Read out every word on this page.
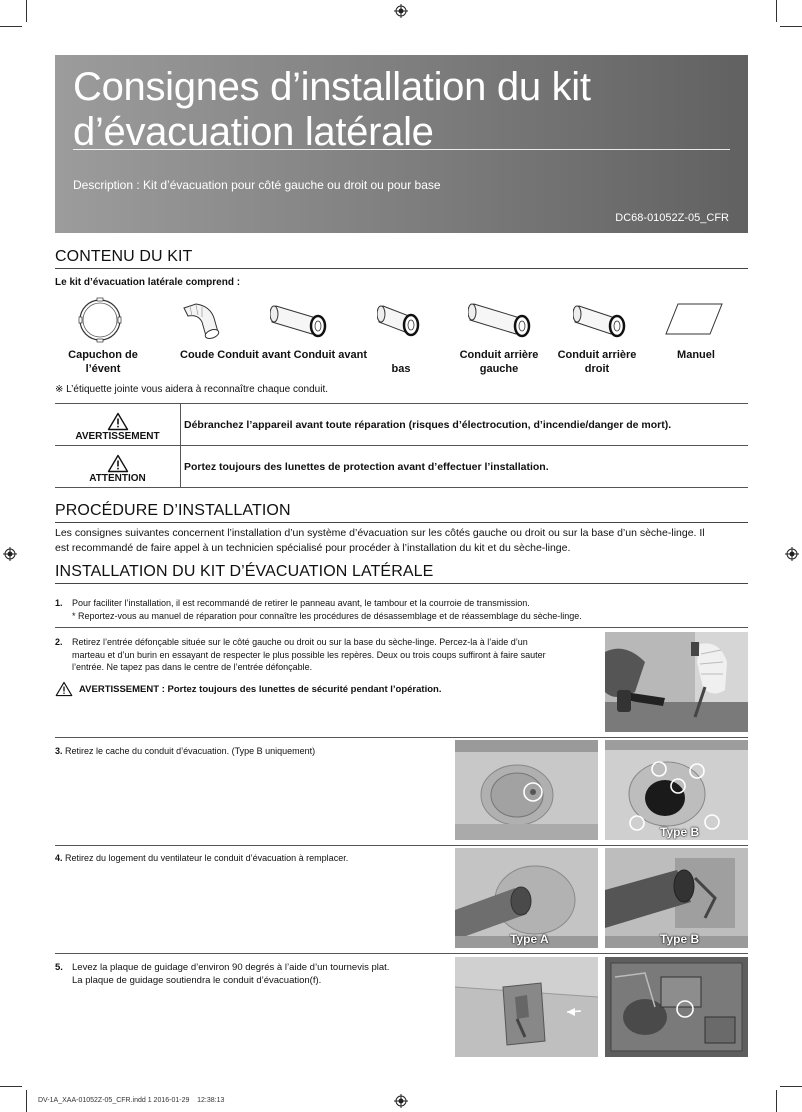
Consignes d’installation du kit
d’évacuation latérale
Description : Kit d’évacuation pour côté gauche ou droit ou pour base
DC68-01052Z-05_CFR
CONTENU DU KIT
Le kit d’évacuation latérale comprend :
Capuchon de
l’évent
Coude Conduit avant Conduit avant
bas
Conduit arrière
gauche
Conduit arrière
droit
Manuel
※ L’étiquette jointe vous aidera à reconnaître chaque conduit.
AVERTISSEMENT
Débranchez l’appareil avant toute réparation (risques d’électrocution, d’incendie/danger de mort).
ATTENTION
Portez toujours des lunettes de protection avant d’effectuer l’installation.
PROCÉDURE D’INSTALLATION
Les consignes suivantes concernent l’installation d’un système d’évacuation sur les côtés gauche ou droit ou sur la base d’un sèche-linge. Il
est recommandé de faire appel à un technicien spécialisé pour procéder à l’installation du kit et du sèche-linge.
INSTALLATION DU KIT D’ÉVACUATION LATÉRALE
1. Pour faciliter l’installation, il est recommandé de retirer le panneau avant, le tambour et la courroie de transmission.
* Reportez-vous au manuel de réparation pour connaître les procédures de désassemblage et de réassemblage du sèche-linge.
2. Retirez l’entrée défonçable située sur le côté gauche ou droit ou sur la base du sèche-linge. Percez-la à l’aide d’un
marteau et d’un burin en essayant de respecter le plus possible les repères. Deux ou trois coups suffiront à faire sauter
l’entrée. Ne tapez pas dans le centre de l’entrée défonçable.
AVERTISSEMENT : Portez toujours des lunettes de sécurité pendant l’opération.
3. Retirez le cache du conduit d’évacuation. (Type B uniquement)
Type B
4. Retirez du logement du ventilateur le conduit d’évacuation à remplacer.
Type A	Type B
5. Levez la plaque de guidage d’environ 90 degrés à l’aide d’un tournevis plat.
La plaque de guidage soutiendra le conduit d’évacuation(f).
DV-1A_XAA-01052Z-05_CFR.indd 1 2016-01-29    12:38:13
